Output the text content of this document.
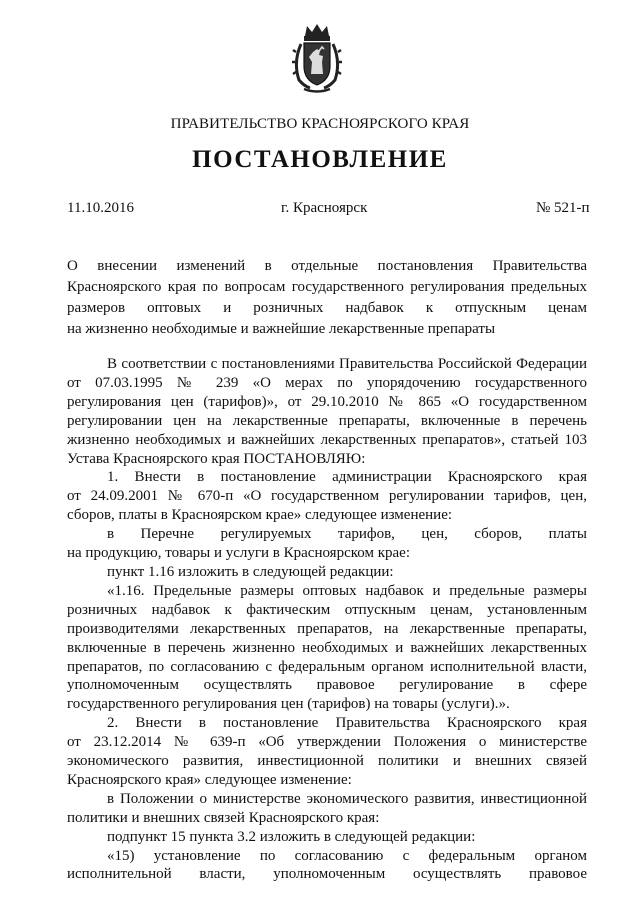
ПРАВИТЕЛЬСТВО КРАСНОЯРСКОГО КРАЯ
ПОСТАНОВЛЕНИЕ
11.10.2016	г. Красноярск	№ 521-п
О внесении изменений в отдельные постановления Правительства
Красноярского края по вопросам государственного регулирования предельных
размеров оптовых и розничных надбавок к отпускным ценам
на жизненно необходимые и важнейшие лекарственные препараты
В соответствии с постановлениями Правительства Российской Федерации
от 07.03.1995 № 239 «О мерах по упорядочению государственного
регулирования цен (тарифов)», от 29.10.2010 № 865 «О государственном
регулировании цен на лекарственные препараты, включенные в перечень
жизненно необходимых и важнейших лекарственных препаратов», статьей 103
Устава Красноярского края ПОСТАНОВЛЯЮ:
1. Внести в постановление администрации Красноярского края
от 24.09.2001 № 670-п «О государственном регулировании тарифов, цен,
сборов, платы в Красноярском крае» следующее изменение:
в Перечне регулируемых тарифов, цен, сборов, платы
на продукцию, товары и услуги в Красноярском крае:
пункт 1.16 изложить в следующей редакции:
«1.16. Предельные размеры оптовых надбавок и предельные размеры
розничных надбавок к фактическим отпускным ценам, установленным
производителями лекарственных препаратов, на лекарственные препараты,
включенные в перечень жизненно необходимых и важнейших лекарственных
препаратов, по согласованию с федеральным органом исполнительной власти,
уполномоченным осуществлять правовое регулирование в сфере
государственного регулирования цен (тарифов) на товары (услуги).».
2. Внести в постановление Правительства Красноярского края
от 23.12.2014 № 639-п «Об утверждении Положения о министерстве
экономического развития, инвестиционной политики и внешних связей
Красноярского края» следующее изменение:
в Положении о министерстве экономического развития, инвестиционной
политики и внешних связей Красноярского края:
подпункт 15 пункта 3.2 изложить в следующей редакции:
«15) установление по согласованию с федеральным органом
исполнительной власти, уполномоченным осуществлять правовое
